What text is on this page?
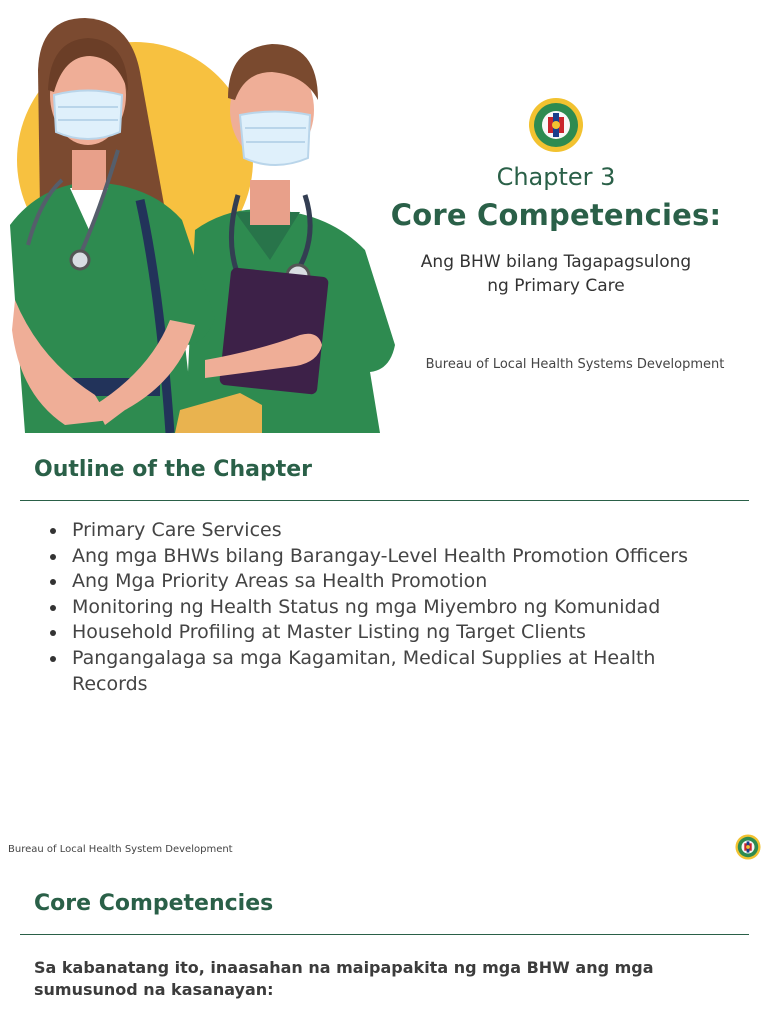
Chapter 3
Core Competencies:
Ang BHW bilang Tagapagsulong
ng Primary Care
Bureau of Local Health Systems Development
Outline of the Chapter
Primary Care Services
Ang mga BHWs bilang Barangay-Level Health Promotion Officers
Ang Mga Priority Areas sa Health Promotion
Monitoring ng Health Status ng mga Miyembro ng Komunidad
Household Profiling at Master Listing ng Target Clients
Pangangalaga sa mga Kagamitan, Medical Supplies at Health Records
Bureau of Local Health System Development
Core Competencies
Sa kabanatang ito, inaasahan na maipapakita ng mga BHW ang mga sumusunod na kasanayan:
